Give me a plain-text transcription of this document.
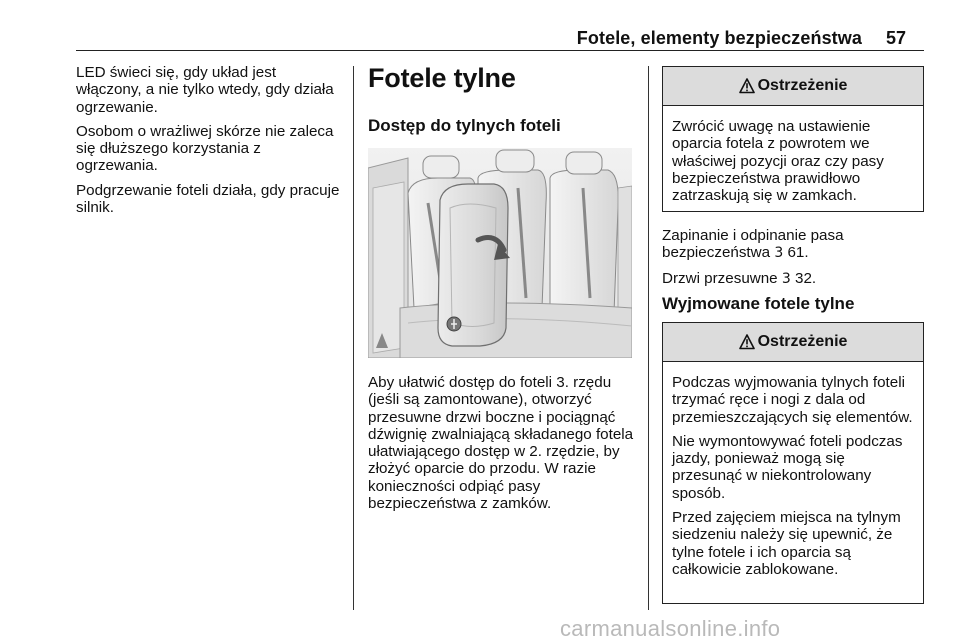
Fotele, elementy bezpieczeństwa 57

LED świeci się, gdy układ jest włączony, a nie tylko wtedy, gdy działa ogrzewanie.

Osobom o wrażliwej skórze nie zaleca się dłuższego korzystania z ogrzewania.

Podgrzewanie foteli działa, gdy pracuje silnik.

Fotele tylne
Dostęp do tylnych foteli

Aby ułatwić dostęp do foteli 3. rzędu (jeśli są zamontowane), otworzyć przesuwne drzwi boczne i pociągnąć dźwignię zwalniającą składanego fotela ułatwiającego dostęp w 2. rzędzie, by złożyć oparcie do przodu. W razie konieczności odpiąć pasy bezpieczeństwa z zamków.

Ostrzeżenie

Zwrócić uwagę na ustawienie oparcia fotela z powrotem we właściwej pozycji oraz czy pasy bezpieczeństwa prawidłowo zatrzaskują się w zamkach.

Zapinanie i odpinanie pasa bezpieczeństwa 3 61.

Drzwi przesuwne 3 32.

Wyjmowane fotele tylne
Ostrzeżenie

Podczas wyjmowania tylnych foteli trzymać ręce i nogi z dala od przemieszczających się elementów.

Nie wymontowywać foteli podczas jazdy, ponieważ mogą się przesunąć w niekontrolowany sposób.

Przed zajęciem miejsca na tylnym siedzeniu należy się upewnić, że tylne fotele i ich oparcia są całkowicie zablokowane.

carmanualsonline.info
